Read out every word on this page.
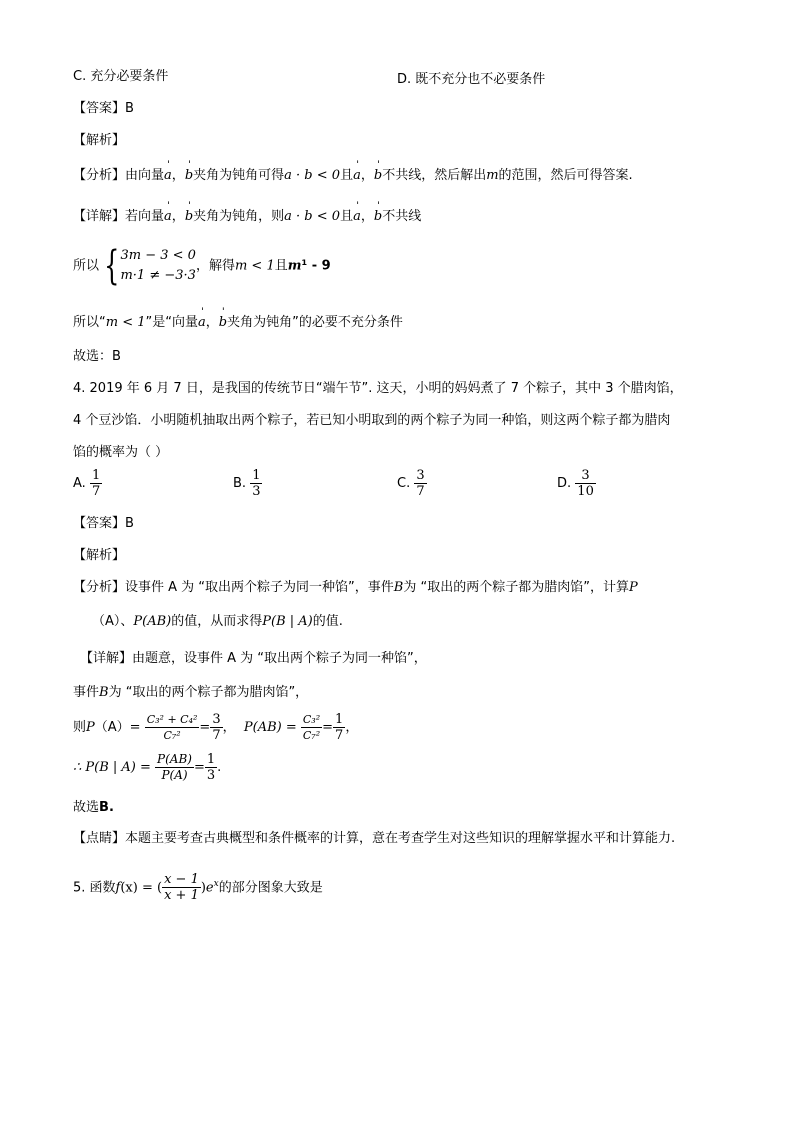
C. 充分必要条件	D. 既不充分也不必要条件
【答案】B
【解析】
【分析】由向量ˈ a，ˈ b夹角为钝角可得a · b < 0且ˈ a，ˈ b不共线，然后解出m的范围，然后可得答案.
【详解】若向量ˈ a，ˈ b夹角为钝角，则a · b < 0且ˈ a，ˈ b不共线
所以 { 3m − 3 < 0
m·1 ≠ −3·3
，解得m < 1且m¹ - 9
所以“m < 1”是“向量ˈ a，ˈ b夹角为钝角”的必要不充分条件
故选：B
4. 2019 年 6 月 7 日，是我国的传统节日“端午节”. 这天，小明的妈妈煮了 7 个粽子，其中 3 个腊肉馅，
4 个豆沙馅．小明随机抽取出两个粽子，若已知小明取到的两个粽子为同一种馅，则这两个粽子都为腊肉
馅的概率为（ ）
A. $\frac{1}{7}$	B. $\frac{1}{3}$	C. $\frac{3}{7}$	D. $\frac{3}{10}$
【答案】B
【解析】
【分析】设事件 A 为 “取出两个粽子为同一种馅”，事件B为 “取出的两个粽子都为腊肉馅”，计算P
（A）、P(AB)的值，从而求得P(B | A)的值.
【详解】由题意，设事件 A 为 “取出两个粽子为同一种馅”，
事件B为 “取出的两个粽子都为腊肉馅”，
则$P(A)= \frac{\text{C₃² + C₄²}}{\text{C₇²}} = \frac{3}{7}$ ， $P(AB) = \frac{\text{C₃²}}{\text{C₇²}} = \frac{1}{7}$ ，
∴ P(B | $A) = \frac{P(AB)}{P(A)} = \frac{1}{3}$ .
故选B.
【点睛】本题主要考查古典概型和条件概率的计算，意在考查学生对这些知识的理解掌握水平和计算能力.
5. 函数f(x) = ( $\frac{x - 1}{x + 1} )e^x$的部分图象大致是
